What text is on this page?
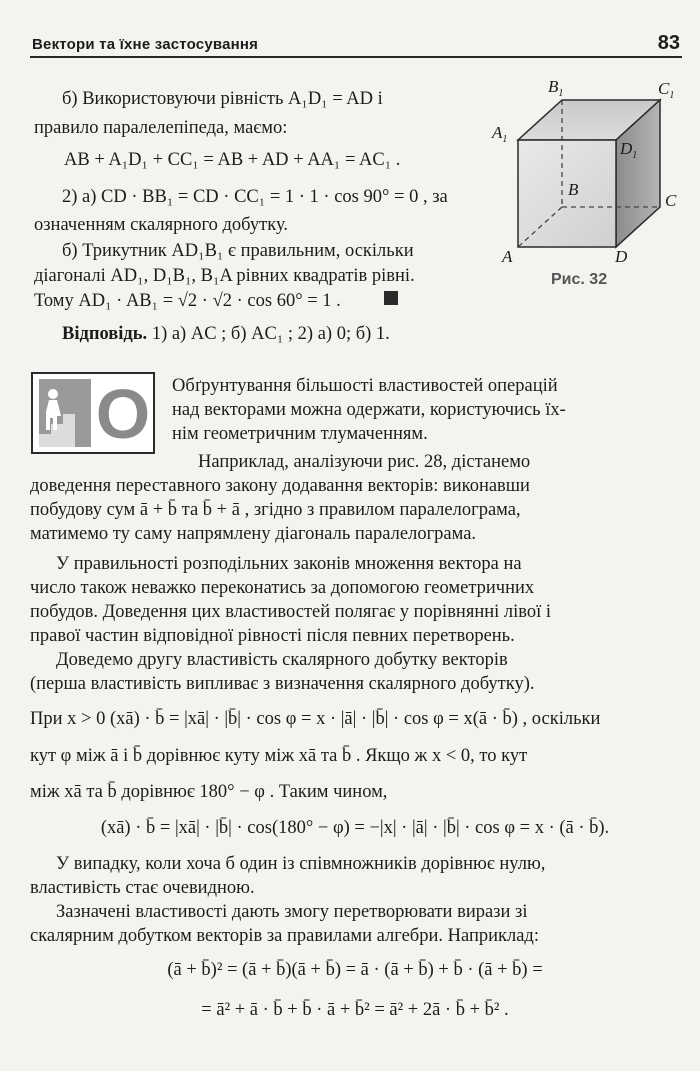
Вектори та їхне застосування	83
б) Використовуючи рівність A₁D₁ = AD і
правило паралелепіпеда, маємо:
AB + A₁D₁ + CC₁ = AB + AD + AA₁ = AC₁ .
2) а) CD · BB₁ = CD · CC₁ = 1 · 1 · cos 90° = 0 , за
означенням скалярного добутку.
б) Трикутник AD₁B₁ є правильним, оскільки
діагоналі AD₁, D₁B₁, B₁A рівних квадратів рівні.
Тому AD₁ · AB₁ = √2 · √2 · cos 60° = 1 .
Відповідь. 1) а) AC ; б) AC₁ ; 2) а) 0; б) 1.
$B_1$	$C_1$
$A_1$	$D_1$
B
C
A	D
Рис. 32
О Обґрунтування більшості властивостей операцій
над векторами можна одержати, користуючись їх-
нім геометричним тлумаченням.
Наприклад, аналізуючи рис. 28, дістанемо
доведення переставного закону додавання векторів: виконавши
побудову сум ā + b̄ та b̄ + ā , згідно з правилом паралелограма,
матимемо ту саму напрямлену діагональ паралелограма.
У правильності розподільних законів множення вектора на
число також неважко переконатись за допомогою геометричних
побудов. Доведення цих властивостей полягає у порівнянні лівої і
правої частин відповідної рівності після певних перетворень.
Доведемо другу властивість скалярного добутку векторів
(перша властивість випливає з визначення скалярного добутку).
При x > 0 (xā) · b̄ = |xā| · |b̄| · cos φ = x · |ā| · |b̄| · cos φ = x(ā · b̄) , оскільки
кут φ між ā і b̄ дорівнює куту між xā та b̄ . Якщо ж x < 0, то кут
між xā та b̄ дорівнює 180° − φ . Таким чином,
(xā) · b̄ = |xā| · |b̄| · cos(180° − φ) = −|x| · |ā| · |b̄| · cos φ = x · (ā · b̄).
У випадку, коли хоча б один із співмножників дорівнює нулю,
властивість стає очевидною.
Зазначені властивості дають змогу перетворювати вирази зі
скалярним добутком векторів за правилами алгебри. Наприклад:
(ā + b̄)² = (ā + b̄)(ā + b̄) = ā · (ā + b̄) + b̄ · (ā + b̄) =
= ā² + ā · b̄ + b̄ · ā + b̄² = ā² + 2ā · b̄ + b̄² .
